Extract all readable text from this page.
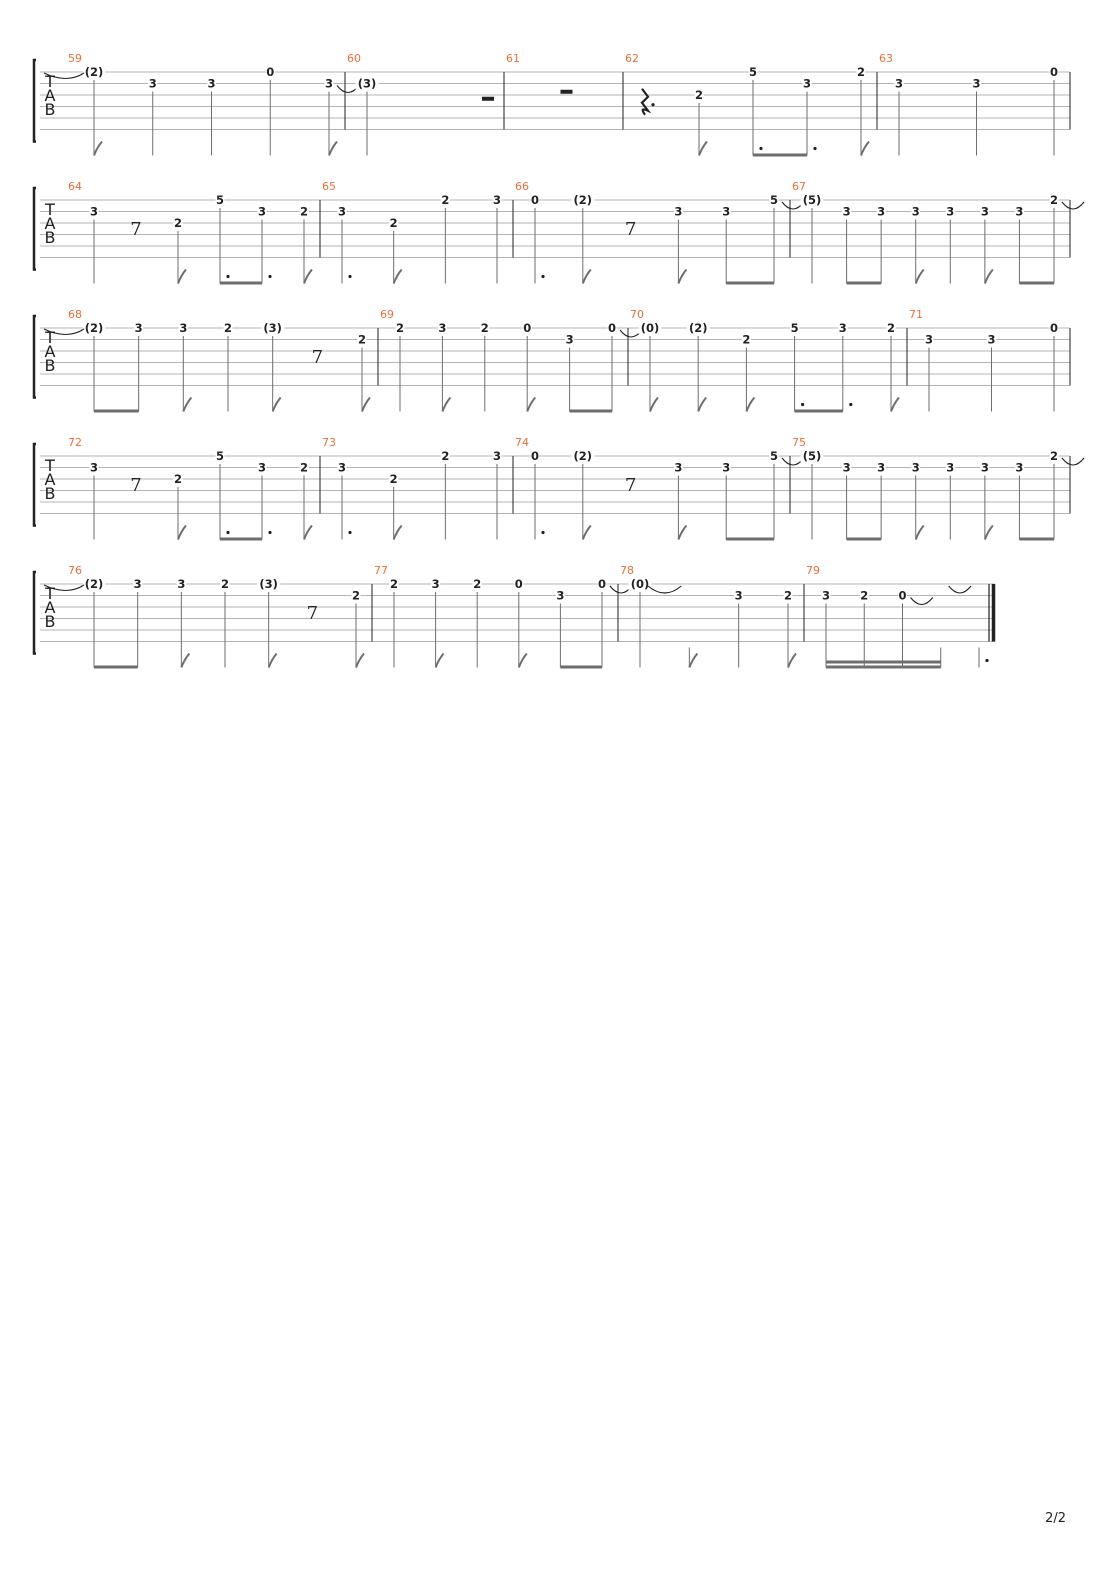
T
A
B
59
(2)
3	3
0
3
60
(3)
61	62
2
5
3
2
63
3	3
0
T
A
B
64
3
7	2
5
3	2
65
3
2
2	3
66
0	(2)
7
3	3
5
67
(5)
3 3 3 3 3 3
2
T
A
B
68
(2)	3	3	2	(3)
7
2
69
2	3	2	0
3
0
70
(0)	(2)
2
5	3	2
71
3	3
0
T
A
B
72
3
7	2
5
3	2
73
3
2
2	3
74
0	(2)
7
3	3
5
75
(5)
3 3 3 3 3 3
2
T
A
B
76
(2)	3	3	2	(3)
7
2
77
2	3	2	0
3
0
78
(0)
3	2
79
3	2	0
2/2
